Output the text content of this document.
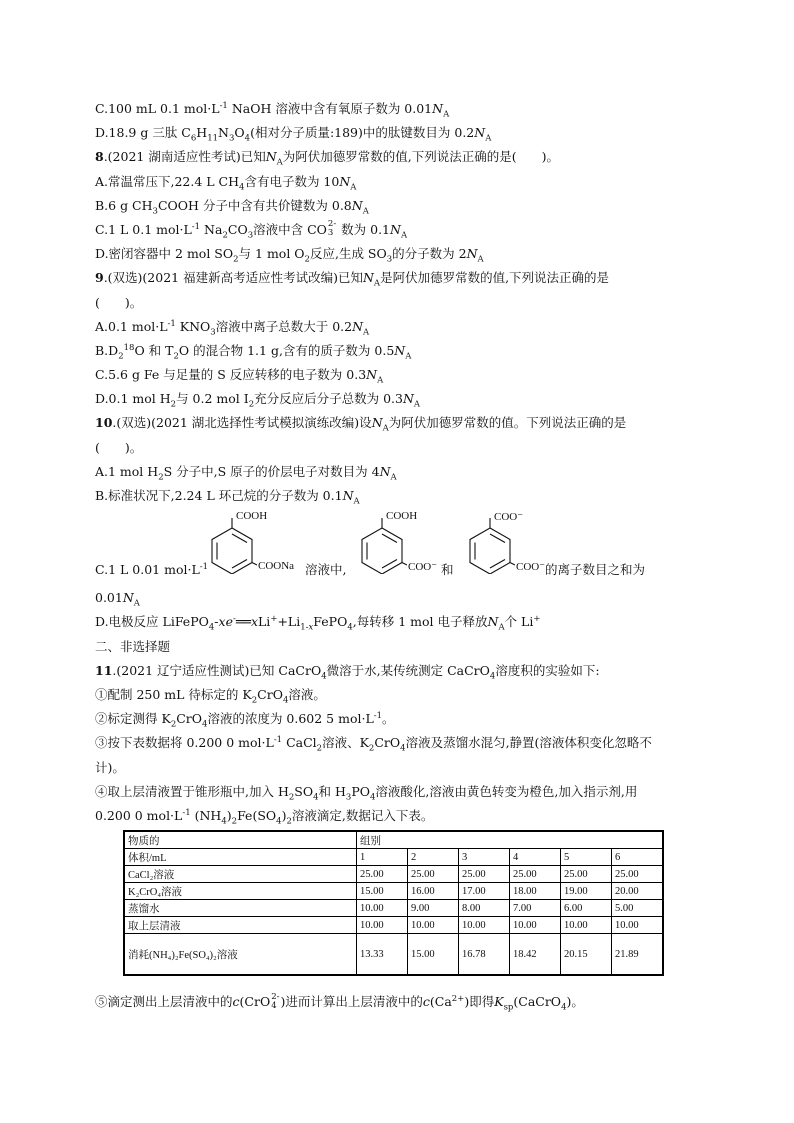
C.100 mL 0.1 $mol\cdot L^{-1}$ NaOH 溶液中含有氧原子数为 $0.01N_A$
D.18.9 g 三肽 $C_6H_{11}N_3O_4$(相对分子质量:189)中的肽键数目为 $0.2N_A$
8.(2021 湖南适应性考试)已知$N_A$为阿伏加德罗常数的值,下列说法正确的是(　　)。
A.常温常压下,22.4 L $CH_4$含有电子数为 $10N_A$
B.6 g $CH_3COOH$ 分子中含有共价键数为 $0.8N_A$
C.1 L 0.1 $mol\cdot L^{-1}$ $Na_2CO_3$溶液中含 CO 2-
3 数为 $0.1N_A$
D.密闭容器中 2 mol $SO_2$与 1 mol $O_2$反应,生成 $SO_3$的分子数为 $2N_A$
9.(双选)(2021 福建新高考适应性考试改编)已知$N_A$是阿伏加德罗常数的值,下列说法正确的是
(　　)。
A.0.1 $mol\cdot L^{-1}$ $KNO_3$溶液中离子总数大于 $0.2N_A$
$B.D_2^{18}O$ 和 $T_2O$ 的混合物 1.1 g,含有的质子数为 $0.5N_A$
C.5.6 g Fe 与足量的 S 反应转移的电子数为 $0.3N_A$
D.0.1 mol $H_2$与 0.2 mol $I_2$充分反应后分子总数为 $0.3N_A$
10.(双选)(2021 湖北选择性考试模拟演练改编)设$N_A$为阿伏加德罗常数的值。下列说法正确的是
(　　)。
A.1 mol $H_2S$ 分子中,S 原子的价层电子对数目为 $4N_A$
B.标准状况下,2.24 L 环己烷的分子数为 $0.1N_A$
C.1 L 0.01 $mol\cdot L^{-1}$
COOH
COONa 溶液中,
COOH
COO⁻ 和
COO⁻
COO⁻ 的离子数目之和为
$0.01N_A$
D.电极反应 $LiFePO_4-xe^-══xLi^++Li_{1-x}FePO_4$,每转移 1 mol 电子释放$N_A$个 Li+
二、非选择题
11.(2021 辽宁适应性测试)已知 CaCrO$_4$微溶于水,某传统测定 CaCrO$_4$溶度积的实验如下:
①配制 250 mL 待标定的 $K_2CrO_4$溶液。
②标定测得 $K_2CrO_4$溶液的浓度为 0.602 5 $mol\cdot L^{-1}$。
③按下表数据将 0.200 0 $mol\cdot L^{-1}$ CaCl$_2$溶液、$K_2CrO_4$溶液及蒸馏水混匀,静置(溶液体积变化忽略不
计)。
④取上层清液置于锥形瓶中,加入 $H_2SO_4$和 $H_3PO_4$溶液酸化,溶液由黄色转变为橙色,加入指示剂,用
0.200 0 $mol\cdot L^{-1}$ $(NH_4)_2Fe(SO_4)_2$溶液滴定,数据记入下表。
物质的	组别					
体积/mL	1	2	3	4	5	6
CaCl₂溶液	25.00	25.00	25.00	25.00	25.00	25.00
K₂CrO₄溶液	15.00	16.00	17.00	18.00	19.00	20.00
蒸馏水	10.00	9.00	8.00	7.00	6.00	5.00
取上层清液	10.00	10.00	10.00	10.00	10.00	10.00
消耗(NH₄)₂Fe(SO₄)₂溶液	13.33	15.00	16.78	18.42	20.15	21.89
⑤滴定测出上层清液中的c(CrO 2-
4 )进而计算出上层清液中的$c(Ca^{2+})$即得$K_{sp}(CaCrO_4)$。
